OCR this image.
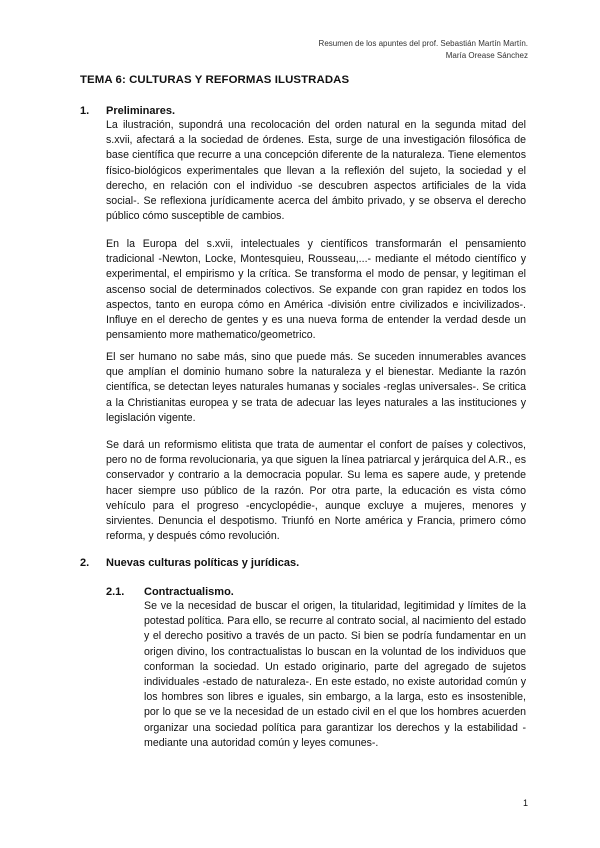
Resumen de los apuntes del prof. Sebastián Martín Martín.
María Orease Sánchez
TEMA 6: CULTURAS Y REFORMAS ILUSTRADAS
1. Preliminares.

La ilustración, supondrá una recolocación del orden natural en la segunda mitad del s.xvii, afectará a la sociedad de órdenes. Esta, surge de una investigación filosófica de base científica que recurre a una concepción diferente de la naturaleza. Tiene elementos físico-biológicos experimentales que llevan a la reflexión del sujeto, la sociedad y el derecho, en relación con el individuo -se descubren aspectos artificiales de la vida social-. Se reflexiona jurídicamente acerca del ámbito privado, y se observa el derecho público cómo susceptible de cambios.

En la Europa del s.xvii, intelectuales y científicos transformarán el pensamiento tradicional -Newton, Locke, Montesquieu, Rousseau,...- mediante el método científico y experimental, el empirismo y la crítica. Se transforma el modo de pensar, y legitiman el ascenso social de determinados colectivos. Se expande con gran rapidez en todos los aspectos, tanto en europa cómo en América -división entre civilizados e incivilizados-. Influye en el derecho de gentes y es una nueva forma de entender la verdad desde un pensamiento more mathematico/geometrico.

El ser humano no sabe más, sino que puede más. Se suceden innumerables avances que amplían el dominio humano sobre la naturaleza y el bienestar. Mediante la razón científica, se detectan leyes naturales humanas y sociales -reglas universales-. Se critica a la Christianitas europea y se trata de adecuar las leyes naturales a las instituciones y legislación vigente.

Se dará un reformismo elitista que trata de aumentar el confort de países y colectivos, pero no de forma revolucionaria, ya que siguen la línea patriarcal y jerárquica del A.R., es conservador y contrario a la democracia popular. Su lema es sapere aude, y pretende hacer siempre uso público de la razón. Por otra parte, la educación es vista cómo vehículo para el progreso -encyclopédie-, aunque excluye a mujeres, menores y sirvientes. Denuncia el despotismo. Triunfó en Norte américa y Francia, primero cómo reforma, y después cómo revolución.

2. Nuevas culturas políticas y jurídicas.
2.1. Contractualismo.

Se ve la necesidad de buscar el origen, la titularidad, legitimidad y límites de la potestad política. Para ello, se recurre al contrato social, al nacimiento del estado y el derecho positivo a través de un pacto. Si bien se podría fundamentar en un origen divino, los contractualistas lo buscan en la voluntad de los individuos que conforman la sociedad. Un estado originario, parte del agregado de sujetos individuales -estado de naturaleza-. En este estado, no existe autoridad común y los hombres son libres e iguales, sin embargo, a la larga, esto es insostenible, por lo que se ve la necesidad de un estado civil en el que los hombres acuerden organizar una sociedad política para garantizar los derechos y la estabilidad -mediante una autoridad común y leyes comunes-.

1
